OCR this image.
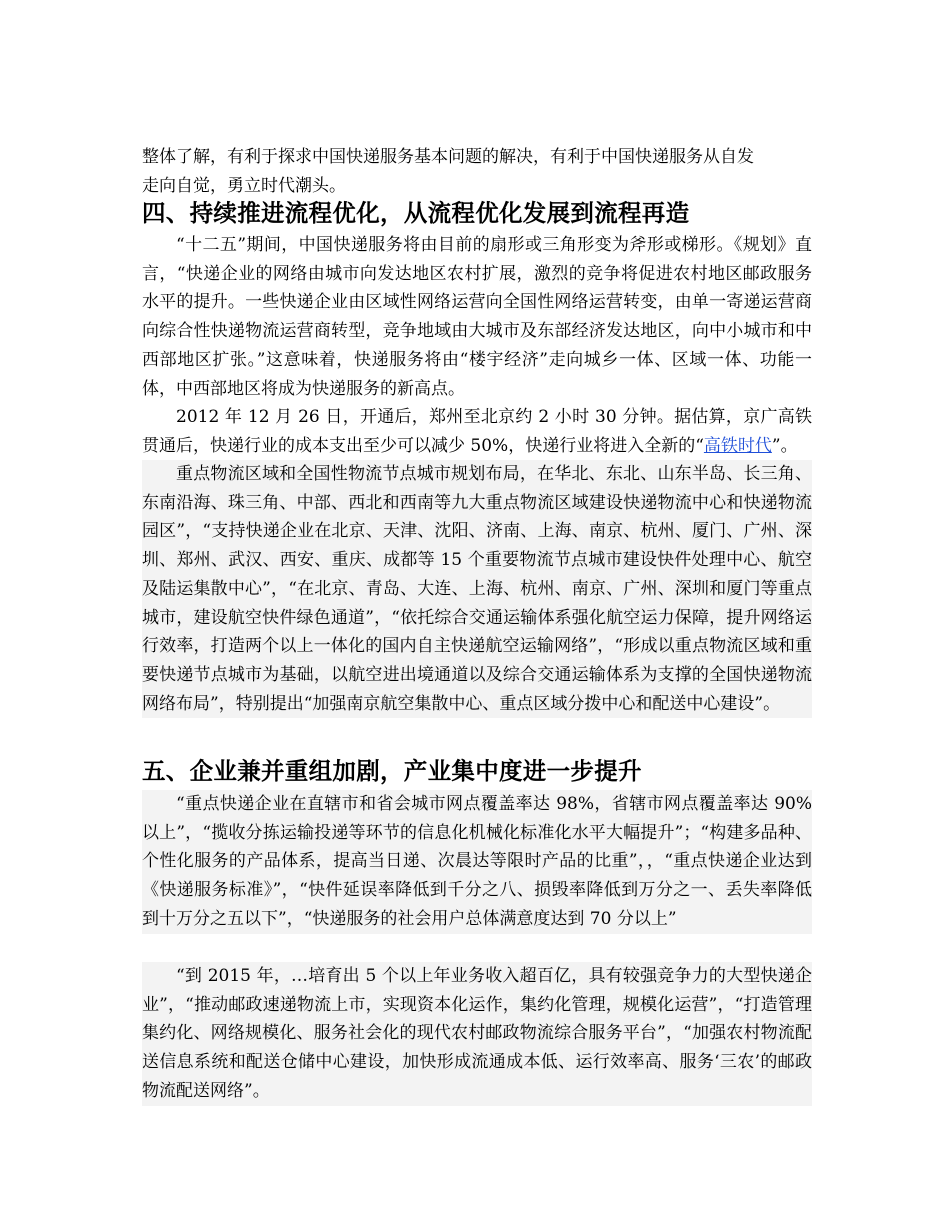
整体了解，有利于探求中国快递服务基本问题的解决，有利于中国快递服务从自发
走向自觉，勇立时代潮头。

四、持续推进流程优化，从流程优化发展到流程再造

“十二五”期间，中国快递服务将由目前的扇形或三角形变为斧形或梯形。《规划》直言，“快递企业的网络由城市向发达地区农村扩展，激烈的竞争将促进农村地区邮政服务水平的提升。一些快递企业由区域性网络运营向全国性网络运营转变，由单一寄递运营商向综合性快递物流运营商转型，竞争地域由大城市及东部经济发达地区，向中小城市和中西部地区扩张。”这意味着，快递服务将由“楼宇经济”走向城乡一体、区域一体、功能一体，中西部地区将成为快递服务的新高点。

2012 年 12 月 26 日，开通后，郑州至北京约 2 小时 30 分钟。据估算，京广高铁贯通后，快递行业的成本支出至少可以减少 50%，快递行业将进入全新的“高铁时代”。

重点物流区域和全国性物流节点城市规划布局，在华北、东北、山东半岛、长三角、东南沿海、珠三角、中部、西北和西南等九大重点物流区域建设快递物流中心和快递物流园区”，“支持快递企业在北京、天津、沈阳、济南、上海、南京、杭州、厦门、广州、深圳、郑州、武汉、西安、重庆、成都等 15 个重要物流节点城市建设快件处理中心、航空及陆运集散中心”，“在北京、青岛、大连、上海、杭州、南京、广州、深圳和厦门等重点城市，建设航空快件绿色通道”，“依托综合交通运输体系强化航空运力保障，提升网络运行效率，打造两个以上一体化的国内自主快递航空运输网络”，“形成以重点物流区域和重要快递节点城市为基础，以航空进出境通道以及综合交通运输体系为支撑的全国快递物流网络布局”，特别提出“加强南京航空集散中心、重点区域分拨中心和配送中心建设”。

五、企业兼并重组加剧，产业集中度进一步提升

“重点快递企业在直辖市和省会城市网点覆盖率达 98%，省辖市网点覆盖率达 90%以上”，“揽收分拣运输投递等环节的信息化机械化标准化水平大幅提升”；“构建多品种、个性化服务的产品体系，提高当日递、次晨达等限时产品的比重”，，“重点快递企业达到《快递服务标准》”，“快件延误率降低到千分之八、损毁率降低到万分之一、丢失率降低到十万分之五以下”，“快递服务的社会用户总体满意度达到 70 分以上”

“到 2015 年，…培育出 5 个以上年业务收入超百亿，具有较强竞争力的大型快递企业”，“推动邮政速递物流上市，实现资本化运作，集约化管理，规模化运营”，“打造管理集约化、网络规模化、服务社会化的现代农村邮政物流综合服务平台”，“加强农村物流配送信息系统和配送仓储中心建设，加快形成流通成本低、运行效率高、服务‘三农’的邮政物流配送网络”。
